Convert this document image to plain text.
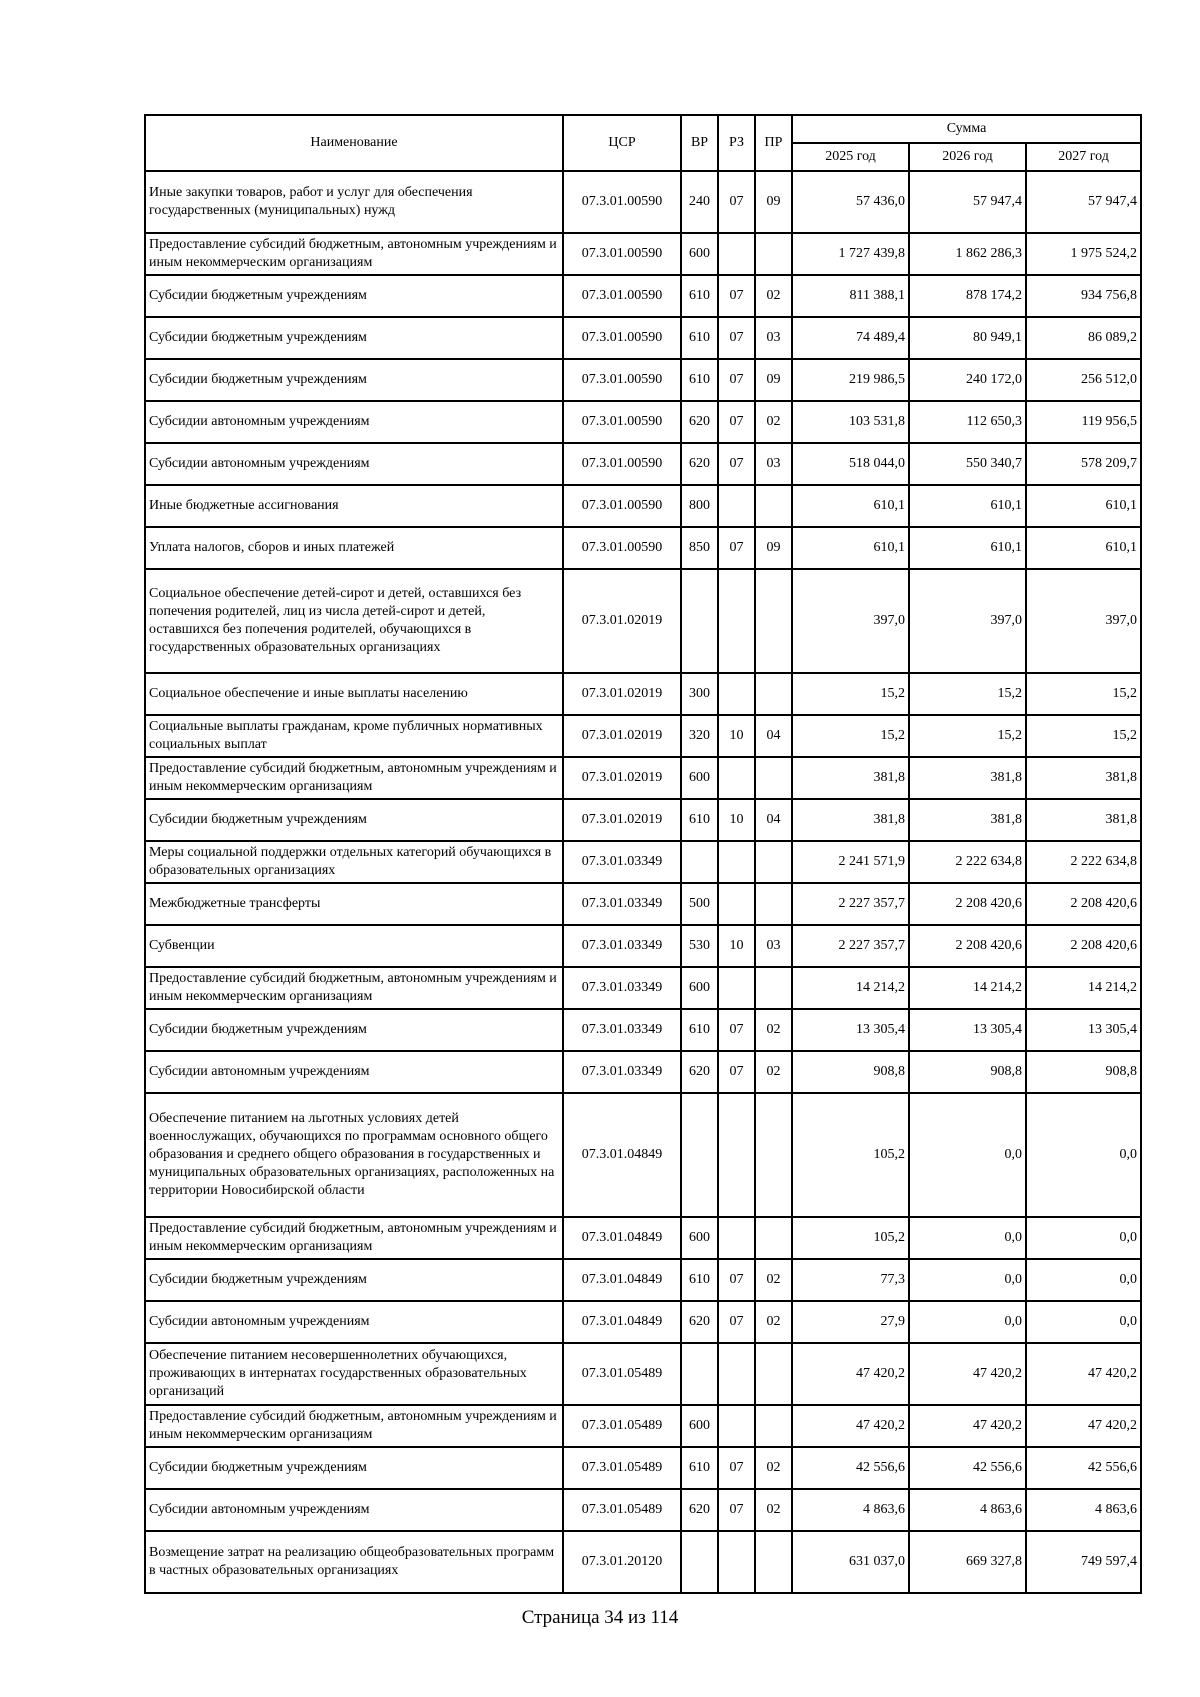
Наименование	ЦСР	ВР	РЗ	ПР	Сумма		
					2025 год	2026 год	2027 год
Иные закупки товаров, работ и услуг для обеспечения государственных (муниципальных) нужд	07.3.01.00590	240	07	09	57 436,0	57 947,4	57 947,4
Предоставление субсидий бюджетным, автономным учреждениям и иным некоммерческим организациям	07.3.01.00590	600			1 727 439,8	1 862 286,3	1 975 524,2
Субсидии бюджетным учреждениям	07.3.01.00590	610	07	02	811 388,1	878 174,2	934 756,8
Субсидии бюджетным учреждениям	07.3.01.00590	610	07	03	74 489,4	80 949,1	86 089,2
Субсидии бюджетным учреждениям	07.3.01.00590	610	07	09	219 986,5	240 172,0	256 512,0
Субсидии автономным учреждениям	07.3.01.00590	620	07	02	103 531,8	112 650,3	119 956,5
Субсидии автономным учреждениям	07.3.01.00590	620	07	03	518 044,0	550 340,7	578 209,7
Иные бюджетные ассигнования	07.3.01.00590	800			610,1	610,1	610,1
Уплата налогов, сборов и иных платежей	07.3.01.00590	850	07	09	610,1	610,1	610,1
Социальное обеспечение детей-сирот и детей, оставшихся без попечения родителей, лиц из числа детей-сирот и детей, оставшихся без попечения родителей, обучающихся в государственных образовательных организациях	07.3.01.02019				397,0	397,0	397,0
Социальное обеспечение и иные выплаты населению	07.3.01.02019	300			15,2	15,2	15,2
Социальные выплаты гражданам, кроме публичных нормативных социальных выплат	07.3.01.02019	320	10	04	15,2	15,2	15,2
Предоставление субсидий бюджетным, автономным учреждениям и иным некоммерческим организациям	07.3.01.02019	600			381,8	381,8	381,8
Субсидии бюджетным учреждениям	07.3.01.02019	610	10	04	381,8	381,8	381,8
Меры социальной поддержки отдельных категорий обучающихся в образовательных организациях	07.3.01.03349				2 241 571,9	2 222 634,8	2 222 634,8
Межбюджетные трансферты	07.3.01.03349	500			2 227 357,7	2 208 420,6	2 208 420,6
Субвенции	07.3.01.03349	530	10	03	2 227 357,7	2 208 420,6	2 208 420,6
Предоставление субсидий бюджетным, автономным учреждениям и иным некоммерческим организациям	07.3.01.03349	600			14 214,2	14 214,2	14 214,2
Субсидии бюджетным учреждениям	07.3.01.03349	610	07	02	13 305,4	13 305,4	13 305,4
Субсидии автономным учреждениям	07.3.01.03349	620	07	02	908,8	908,8	908,8
Обеспечение питанием на льготных условиях детей военнослужащих, обучающихся по программам основного общего образования и среднего общего образования в государственных и муниципальных образовательных организациях, расположенных на территории Новосибирской области	07.3.01.04849				105,2	0,0	0,0
Предоставление субсидий бюджетным, автономным учреждениям и иным некоммерческим организациям	07.3.01.04849	600			105,2	0,0	0,0
Субсидии бюджетным учреждениям	07.3.01.04849	610	07	02	77,3	0,0	0,0
Субсидии автономным учреждениям	07.3.01.04849	620	07	02	27,9	0,0	0,0
Обеспечение питанием несовершеннолетних обучающихся, проживающих в интернатах государственных образовательных организаций	07.3.01.05489				47 420,2	47 420,2	47 420,2
Предоставление субсидий бюджетным, автономным учреждениям и иным некоммерческим организациям	07.3.01.05489	600			47 420,2	47 420,2	47 420,2
Субсидии бюджетным учреждениям	07.3.01.05489	610	07	02	42 556,6	42 556,6	42 556,6
Субсидии автономным учреждениям	07.3.01.05489	620	07	02	4 863,6	4 863,6	4 863,6
Возмещение затрат на реализацию общеобразовательных программ в частных образовательных организациях	07.3.01.20120				631 037,0	669 327,8	749 597,4
Страница 34 из 114
